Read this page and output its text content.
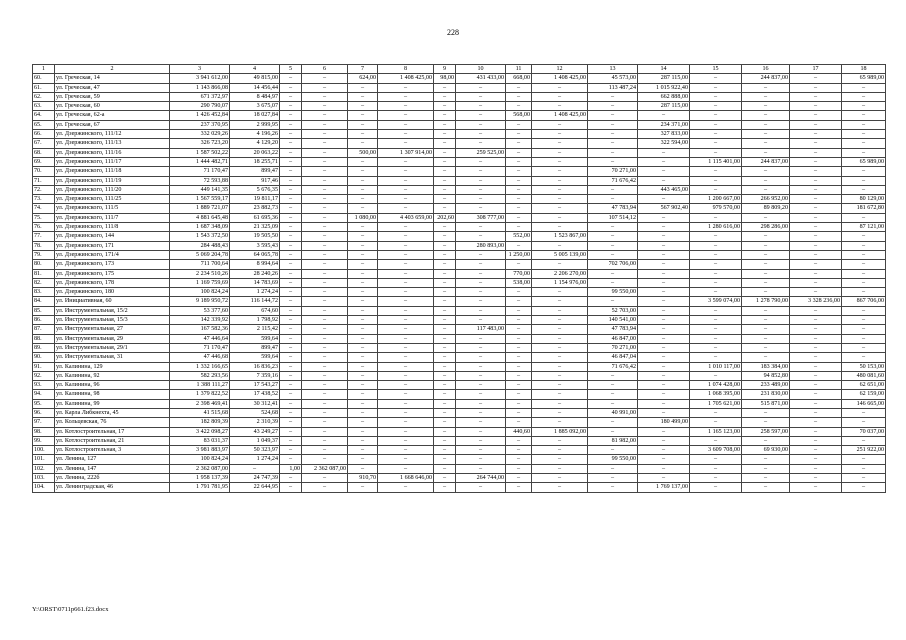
228
1	2	3	4	5	6	7	8	9	10	11	12	13	14	15	16	17	18
60.	ул. Греческая, 14	3 941 612,00	49 815,00	–	–	624,00	1 408 425,00	98,00	431 433,00	668,00	1 408 425,00	45 573,00	287 115,00	–	244 837,00	–	65 989,00
61.	ул. Греческая, 47	1 143 866,08	14 456,44	–	–	–	–	–	–	–	–	113 487,24	1 015 922,40	–	–	–	–
62.	ул. Греческая, 59	671 372,97	8 484,97	–	–	–	–	–	–	–	–	–	662 888,00	–	–	–	–
63.	ул. Греческая, 60	290 790,07	3 675,07	–	–	–	–	–	–	–	–	–	287 115,00	–	–	–	–
64.	ул. Греческая, 62-а	1 426 452,84	18 027,84	–	–	–	–	–	–	568,00	1 408 425,00	–	–	–	–	–	–
65.	ул. Греческая, 67	237 370,95	2 999,95	–	–	–	–	–	–	–	–	–	234 371,00	–	–	–	–
66.	ул. Дзержинского, 111/12	332 029,26	4 196,26	–	–	–	–	–	–	–	–	–	327 833,00	–	–	–	–
67.	ул. Дзержинского, 111/13	326 723,20	4 129,20	–	–	–	–	–	–	–	–	–	322 594,00	–	–	–	–
68.	ул. Дзержинского, 111/16	1 587 502,22	20 063,22	–	–	500,00	1 307 914,00	–	259 525,00	–	–	–	–	–	–	–	–
69.	ул. Дзержинского, 111/17	1 444 482,71	18 255,71	–	–	–	–	–	–	–	–	–	–	1 115 401,00	244 837,00	–	65 989,00
70.	ул. Дзержинского, 111/18	71 170,47	899,47	–	–	–	–	–	–	–	–	70 271,00	–	–	–	–	–
71.	ул. Дзержинского, 111/19	72 593,88	917,46	–	–	–	–	–	–	–	–	71 676,42	–	–	–	–	–
72.	ул. Дзержинского, 111/20	449 141,35	5 676,35	–	–	–	–	–	–	–	–	–	443 465,00	–	–	–	–
73.	ул. Дзержинского, 111/25	1 567 559,17	19 811,17	–	–	–	–	–	–	–	–	–	–	1 200 667,00	266 952,00	–	80 129,00
74.	ул. Дзержинского, 111/5	1 889 721,07	23 882,73	–	–	–	–	–	–	–	–	47 783,94	567 902,40	979 570,00	89 809,20	–	181 672,80
75.	ул. Дзержинского, 111/7	4 881 645,48	61 695,36	–	–	1 080,00	4 403 659,00	202,60	308 777,00	–	–	107 514,12	–	–	–	–	–
76.	ул. Дзержинского, 111/8	1 687 348,09	21 325,09	–	–	–	–	–	–	–	–	–	–	1 280 616,00	298 286,00	–	87 121,00
77.	ул. Дзержинского, 144	1 543 372,50	19 505,50	–	–	–	–	–	–	552,00	1 523 867,00	–	–	–	–	–	–
78.	ул. Дзержинского, 171	284 488,43	3 595,43	–	–	–	–	–	280 893,00	–	–	–	–	–	–	–	–
79.	ул. Дзержинского, 171/4	5 069 204,78	64 065,78	–	–	–	–	–	–	1 250,00	5 005 139,00	–	–	–	–	–	–
80.	ул. Дзержинского, 173	711 700,64	8 994,64	–	–	–	–	–	–	–	–	702 706,00	–	–	–	–	–
81.	ул. Дзержинского, 175	2 234 510,26	28 240,26	–	–	–	–	–	–	770,00	2 206 270,00	–	–	–	–	–	–
82.	ул. Дзержинского, 178	1 169 759,69	14 783,69	–	–	–	–	–	–	538,00	1 154 976,00	–	–	–	–	–	–
83.	ул. Дзержинского, 180	100 824,24	1 274,24	–	–	–	–	–	–	–	–	99 550,00	–	–	–	–	–
84.	ул. Инициативная, 60	9 189 950,72	116 144,72	–	–	–	–	–	–	–	–	–	–	3 599 074,00	1 278 790,00	3 328 236,00	867 706,00
85.	ул. Инструментальная, 15/2	53 377,60	674,60	–	–	–	–	–	–	–	–	52 703,00	–	–	–	–	–
86.	ул. Инструментальная, 15/3	142 339,92	1 798,92	–	–	–	–	–	–	–	–	140 541,00	–	–	–	–	–
87.	ул. Инструментальная, 27	167 582,36	2 115,42	–	–	–	–	–	117 483,00	–	–	47 783,94	–	–	–	–	–
88.	ул. Инструментальная, 29	47 446,64	599,64	–	–	–	–	–	–	–	–	46 847,00	–	–	–	–	–
89.	ул. Инструментальная, 29/1	71 170,47	899,47	–	–	–	–	–	–	–	–	70 271,00	–	–	–	–	–
90.	ул. Инструментальная, 31	47 446,68	599,64	–	–	–	–	–	–	–	–	46 847,04	–	–	–	–	–
91.	ул. Калинина, 129	1 332 166,65	16 836,23	–	–	–	–	–	–	–	–	71 676,42	–	1 010 117,00	183 384,00	–	50 153,00
92.	ул. Калинина, 92	582 293,56	7 359,16	–	–	–	–	–	–	–	–	–	–	–	94 852,80	–	480 081,60
93.	ул. Калинина, 96	1 388 111,27	17 543,27	–	–	–	–	–	–	–	–	–	–	1 074 428,00	233 489,00	–	62 651,00
94.	ул. Калинина, 98	1 379 822,52	17 438,52	–	–	–	–	–	–	–	–	–	–	1 068 395,00	231 830,00	–	62 159,00
95.	ул. Калинина, 99	2 398 469,41	30 312,41	–	–	–	–	–	–	–	–	–	–	1 705 621,00	515 871,00	–	146 665,00
96.	ул. Карла Либкнехта, 45	41 515,68	524,68	–	–	–	–	–	–	–	–	40 991,00	–	–	–	–	–
97.	ул. Кольцевская, 76	182 809,39	2 310,39	–	–	–	–	–	–	–	–	–	180 499,00	–	–	–	–
98.	ул. Котлостроительная, 17	3 422 098,27	43 249,27	–	–	–	–	–	–	440,60	1 885 092,00	–	–	1 165 123,00	258 597,00	–	70 037,00
99.	ул. Котлостроительная, 21	83 031,37	1 049,37	–	–	–	–	–	–	–	–	81 982,00	–	–	–	–	–
100.	ул. Котлостроительная, 3	3 981 883,97	50 323,97	–	–	–	–	–	–	–	–	–	–	3 609 708,00	69 930,00	–	251 922,00
101.	ул. Ленина, 127	100 824,24	1 274,24	–	–	–	–	–	–	–	–	99 550,00	–	–	–	–	–
102.	ул. Ленина, 147	2 362 087,00	–	1,00	2 362 087,00	–	–	–	–	–	–	–	–	–	–	–	–
103.	ул. Ленина, 222б	1 958 137,39	24 747,39	–	–	910,70	1 668 646,00	–	264 744,00	–	–	–	–	–	–	–	–
104.	ул. Ленинградская, 46	1 791 781,95	22 644,95	–	–	–	–	–	–	–	–	–	1 769 137,00	–	–	–	–
Y:\ORST\0711p661.f23.docx
